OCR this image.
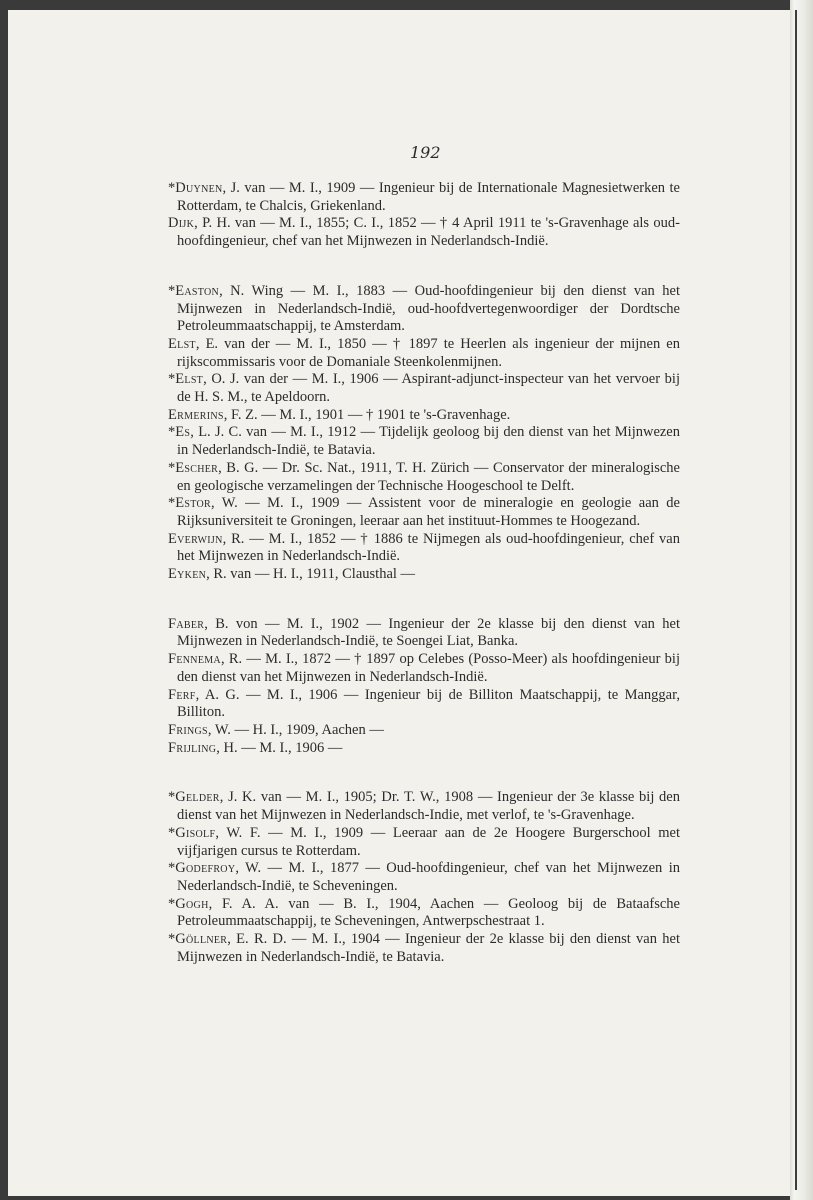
192

*Duynen, J. van — M. I., 1909 — Ingenieur bij de Internationale Magnesietwerken te Rotterdam, te Chalcis, Griekenland.

Dijk, P. H. van — M. I., 1855; C. I., 1852 — † 4 April 1911 te 's-Gravenhage als oud-hoofdingenieur, chef van het Mijnwezen in Nederlandsch-Indië.

*Easton, N. Wing — M. I., 1883 — Oud-hoofdingenieur bij den dienst van het Mijnwezen in Nederlandsch-Indië, oud-hoofdvertegenwoordiger der Dordtsche Petroleummaatschappij, te Amsterdam.

Elst, E. van der — M. I., 1850 — † 1897 te Heerlen als ingenieur der mijnen en rijkscommissaris voor de Domaniale Steenkolenmijnen.

*Elst, O. J. van der — M. I., 1906 — Aspirant-adjunct-inspecteur van het vervoer bij de H. S. M., te Apeldoorn.

Ermerins, F. Z. — M. I., 1901 — † 1901 te 's-Gravenhage.

*Es, L. J. C. van — M. I., 1912 — Tijdelijk geoloog bij den dienst van het Mijnwezen in Nederlandsch-Indië, te Batavia.

*Escher, B. G. — Dr. Sc. Nat., 1911, T. H. Zürich — Conservator der mineralogische en geologische verzamelingen der Technische Hoogeschool te Delft.

*Estor, W. — M. I., 1909 — Assistent voor de mineralogie en geologie aan de Rijksuniversiteit te Groningen, leeraar aan het instituut-Hommes te Hoogezand.

Everwijn, R. — M. I., 1852 — † 1886 te Nijmegen als oud-hoofdingenieur, chef van het Mijnwezen in Nederlandsch-Indië.

Eyken, R. van — H. I., 1911, Clausthal —

Faber, B. von — M. I., 1902 — Ingenieur der 2e klasse bij den dienst van het Mijnwezen in Nederlandsch-Indië, te Soengei Liat, Banka.

Fennema, R. — M. I., 1872 — † 1897 op Celebes (Posso-Meer) als hoofdingenieur bij den dienst van het Mijnwezen in Nederlandsch-Indië.

Ferf, A. G. — M. I., 1906 — Ingenieur bij de Billiton Maatschappij, te Manggar, Billiton.

Frings, W. — H. I., 1909, Aachen —

Frijling, H. — M. I., 1906 —

*Gelder, J. K. van — M. I., 1905; Dr. T. W., 1908 — Ingenieur der 3e klasse bij den dienst van het Mijnwezen in Nederlandsch-Indie, met verlof, te 's-Gravenhage.

*Gisolf, W. F. — M. I., 1909 — Leeraar aan de 2e Hoogere Burgerschool met vijfjarigen cursus te Rotterdam.

*Godefroy, W. — M. I., 1877 — Oud-hoofdingenieur, chef van het Mijnwezen in Nederlandsch-Indië, te Scheveningen.

*Gogh, F. A. A. van — B. I., 1904, Aachen — Geoloog bij de Bataafsche Petroleummaatschappij, te Scheveningen, Antwerpschestraat 1.

*Göllner, E. R. D. — M. I., 1904 — Ingenieur der 2e klasse bij den dienst van het Mijnwezen in Nederlandsch-Indië, te Batavia.
